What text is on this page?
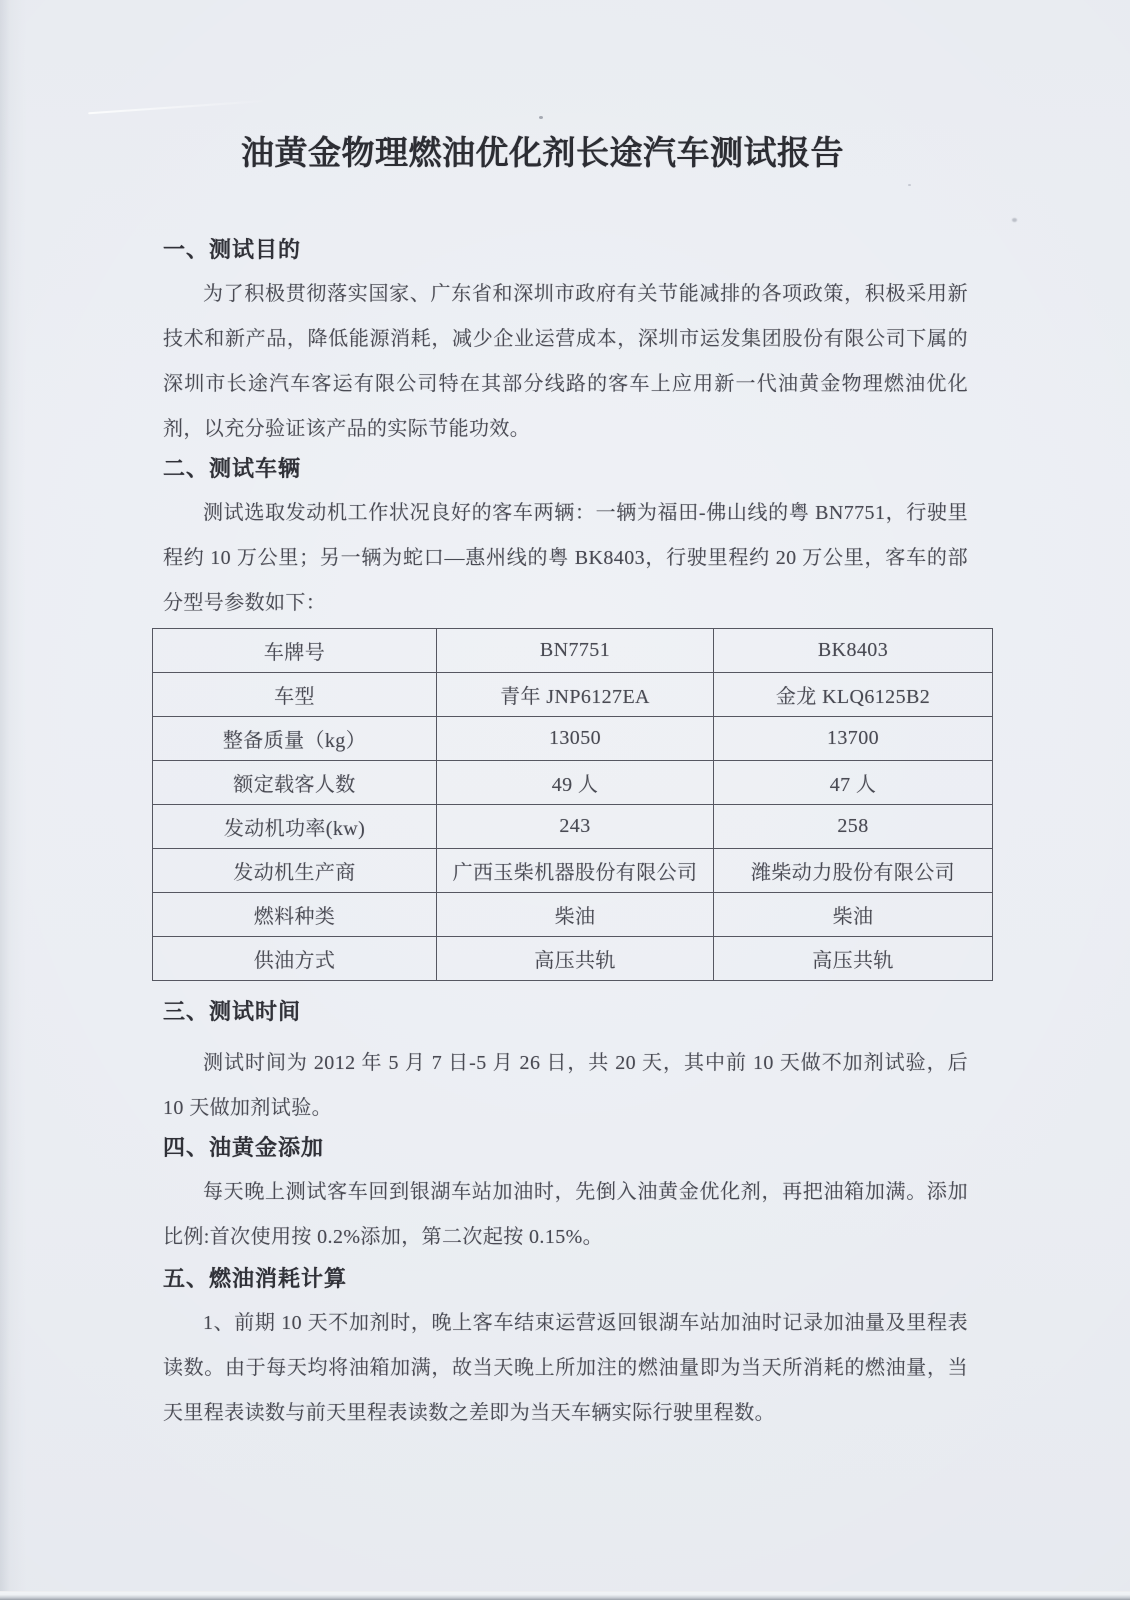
油黄金物理燃油优化剂长途汽车测试报告
一、测试目的

为了积极贯彻落实国家、广东省和深圳市政府有关节能减排的各项政策，积极采用新技术和新产品，降低能源消耗，减少企业运营成本，深圳市运发集团股份有限公司下属的深圳市长途汽车客运有限公司特在其部分线路的客车上应用新一代油黄金物理燃油优化剂，以充分验证该产品的实际节能功效。

二、测试车辆

测试选取发动机工作状况良好的客车两辆：一辆为福田-佛山线的粤 BN7751，行驶里程约 10 万公里；另一辆为蛇口—惠州线的粤 BK8403，行驶里程约 20 万公里，客车的部分型号参数如下：

车牌号	BN7751	BK8403
车型	青年 JNP6127EA	金龙 KLQ6125B2
整备质量（kg）	13050	13700
额定载客人数	49 人	47 人
发动机功率(kw)	243	258
发动机生产商	广西玉柴机器股份有限公司	潍柴动力股份有限公司
燃料种类	柴油	柴油
供油方式	高压共轨	高压共轨
三、测试时间

测试时间为 2012 年 5 月 7 日-5 月 26 日，共 20 天，其中前 10 天做不加剂试验，后 10 天做加剂试验。

四、油黄金添加

每天晚上测试客车回到银湖车站加油时，先倒入油黄金优化剂，再把油箱加满。添加比例:首次使用按 0.2%添加，第二次起按 0.15%。

五、燃油消耗计算

1、前期 10 天不加剂时，晚上客车结束运营返回银湖车站加油时记录加油量及里程表读数。由于每天均将油箱加满，故当天晚上所加注的燃油量即为当天所消耗的燃油量，当天里程表读数与前天里程表读数之差即为当天车辆实际行驶里程数。
